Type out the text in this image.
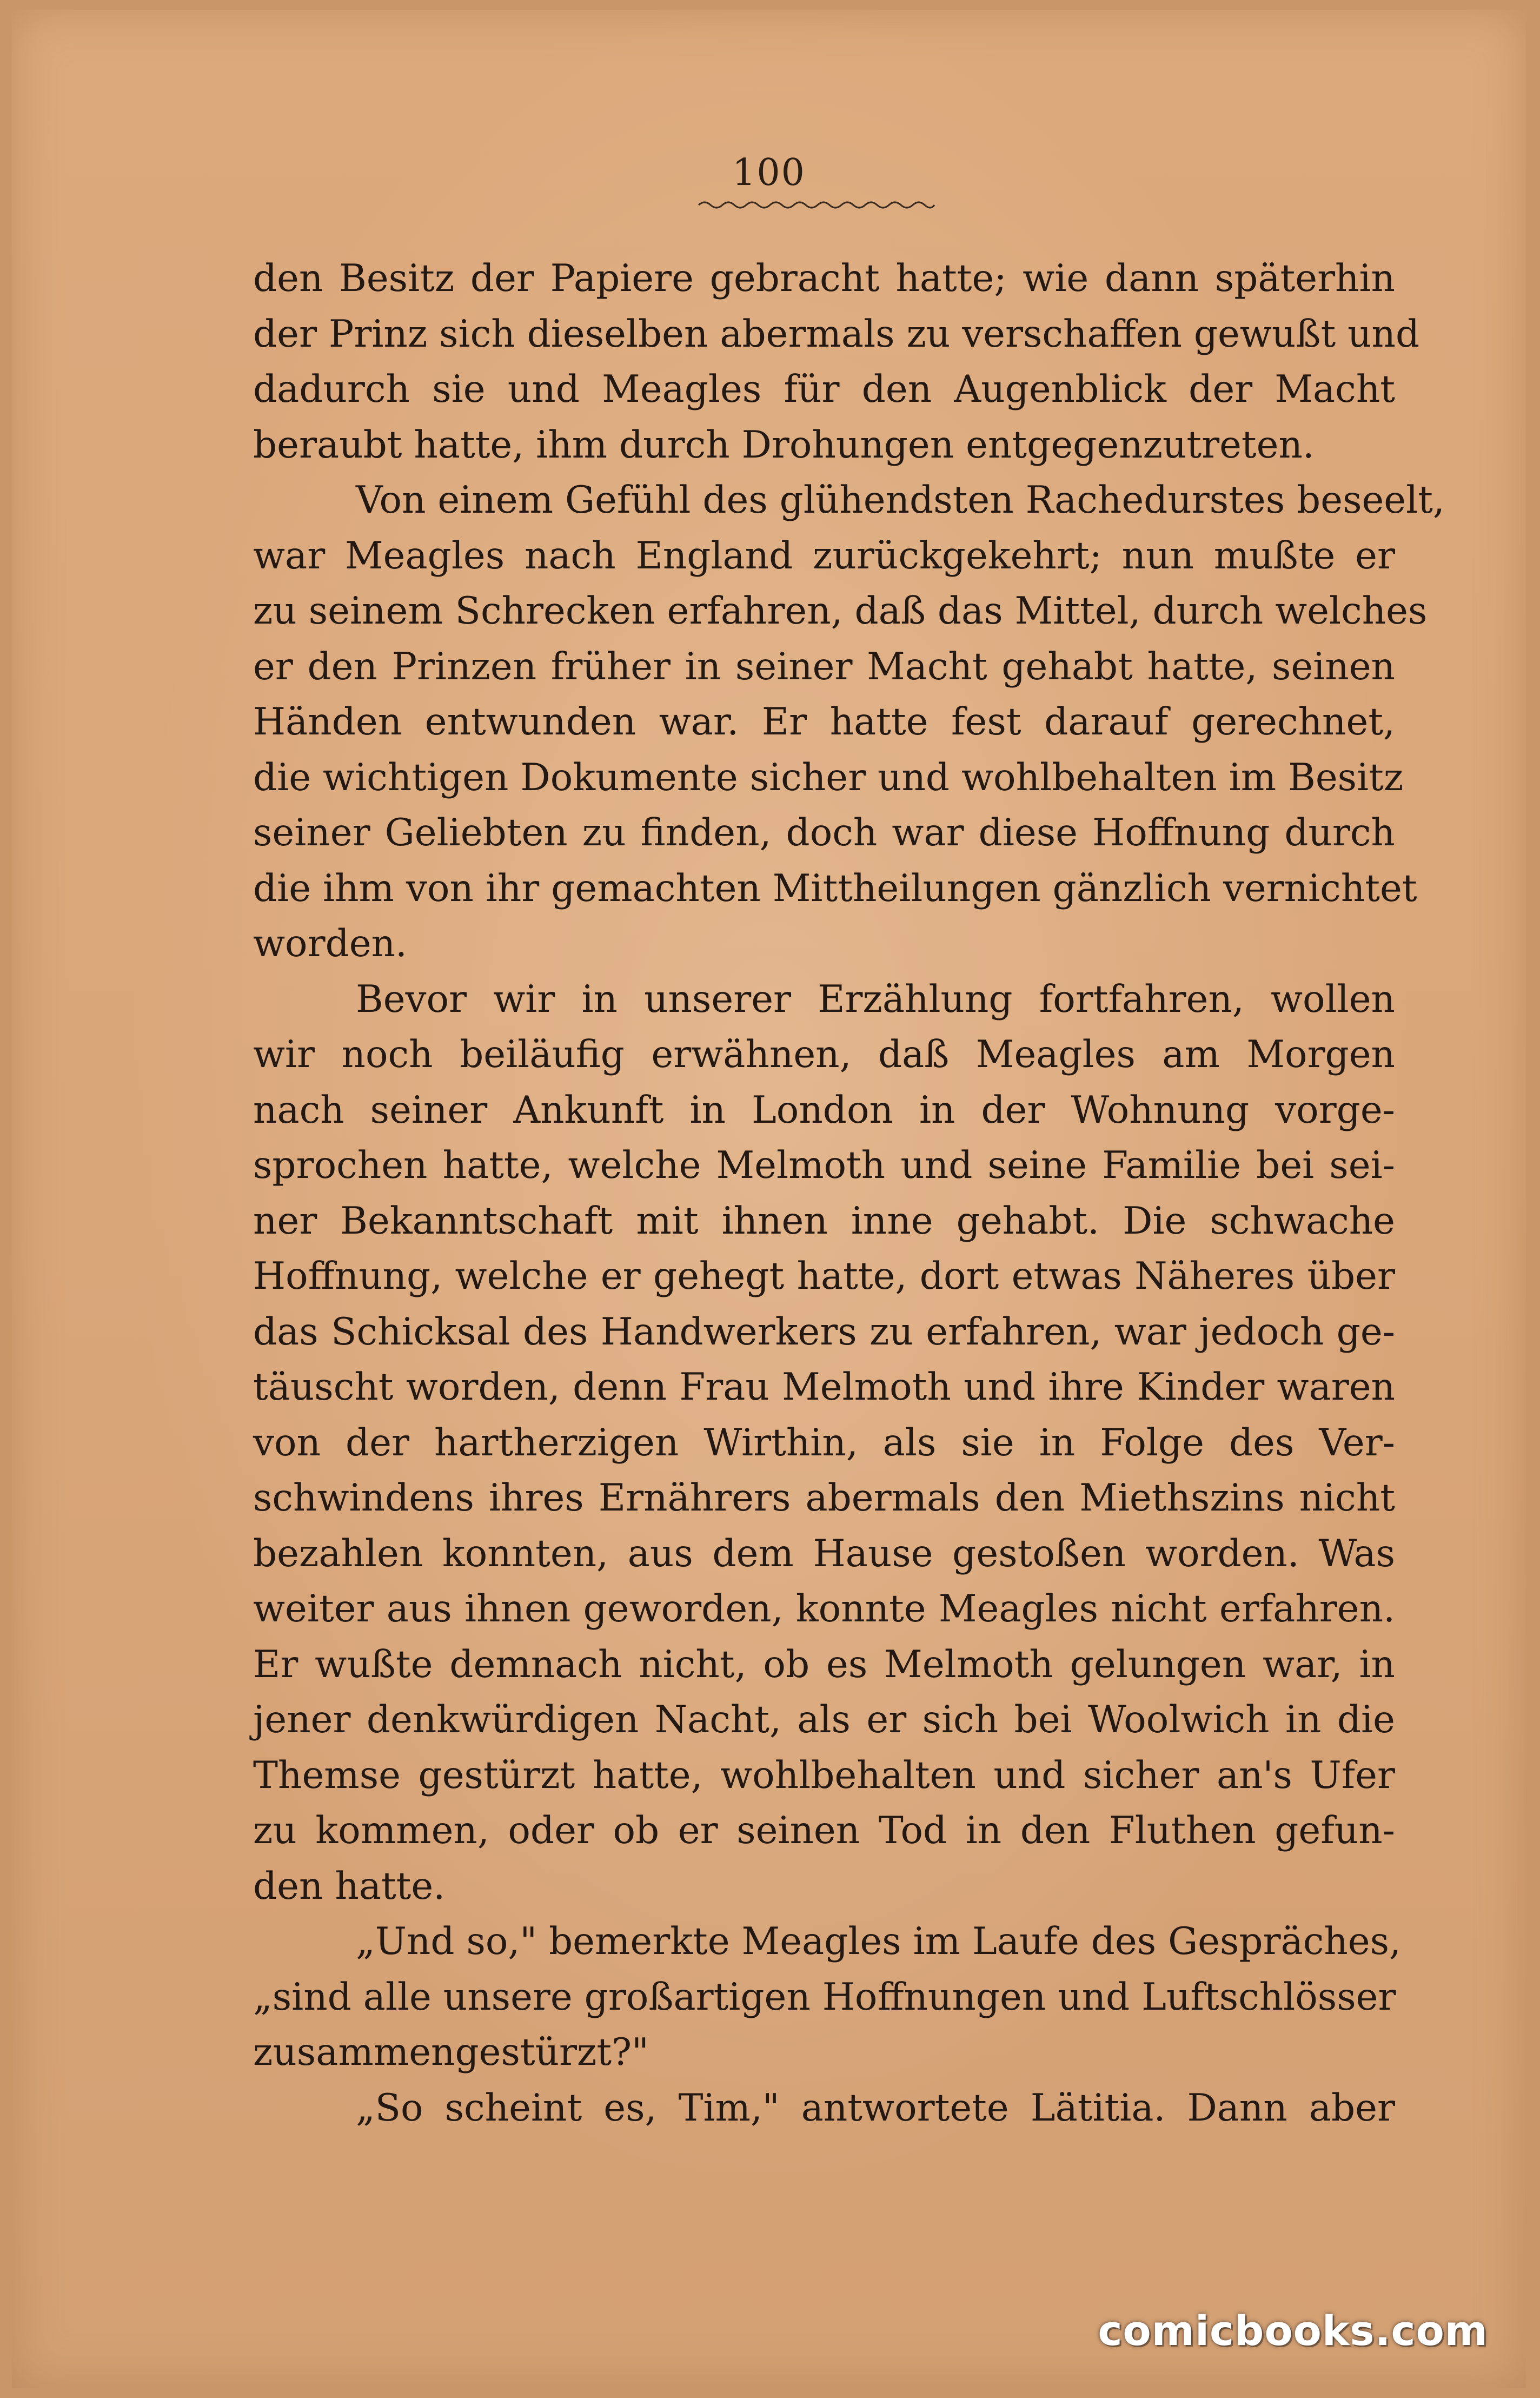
100
den Besitz der Papiere gebracht hatte; wie dann späterhin
der Prinz sich dieselben abermals zu verschaffen gewußt und
dadurch sie und Meagles für den Augenblick der Macht
beraubt hatte, ihm durch Drohungen entgegenzutreten.
Von einem Gefühl des glühendsten Rachedurstes beseelt,
war Meagles nach England zurückgekehrt; nun mußte er
zu seinem Schrecken erfahren, daß das Mittel, durch welches
er den Prinzen früher in seiner Macht gehabt hatte, seinen
Händen entwunden war. Er hatte fest darauf gerechnet,
die wichtigen Dokumente sicher und wohlbehalten im Besitz
seiner Geliebten zu finden, doch war diese Hoffnung durch
die ihm von ihr gemachten Mittheilungen gänzlich vernichtet
worden.
Bevor wir in unserer Erzählung fortfahren, wollen
wir noch beiläufig erwähnen, daß Meagles am Morgen
nach seiner Ankunft in London in der Wohnung vorge-
sprochen hatte, welche Melmoth und seine Familie bei sei-
ner Bekanntschaft mit ihnen inne gehabt. Die schwache
Hoffnung, welche er gehegt hatte, dort etwas Näheres über
das Schicksal des Handwerkers zu erfahren, war jedoch ge-
täuscht worden, denn Frau Melmoth und ihre Kinder waren
von der hartherzigen Wirthin, als sie in Folge des Ver-
schwindens ihres Ernährers abermals den Miethszins nicht
bezahlen konnten, aus dem Hause gestoßen worden. Was
weiter aus ihnen geworden, konnte Meagles nicht erfahren.
Er wußte demnach nicht, ob es Melmoth gelungen war, in
jener denkwürdigen Nacht, als er sich bei Woolwich in die
Themse gestürzt hatte, wohlbehalten und sicher an's Ufer
zu kommen, oder ob er seinen Tod in den Fluthen gefun-
den hatte.
„Und so," bemerkte Meagles im Laufe des Gespräches,
„sind alle unsere großartigen Hoffnungen und Luftschlösser
zusammengestürzt?"
„So scheint es, Tim," antwortete Lätitia. Dann aber
comicbooks.com
